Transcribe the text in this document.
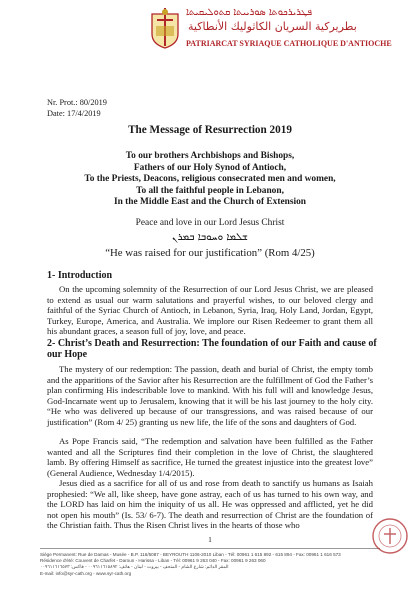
ܦܛܪܝܪܟܘܬܐ ܣܘܪܝܝܬܐ ܩܬܘܠܝܩܝܬܐ
بطريركية السريان الكاثوليك الأنطاكية
PATRIARCAT SYRIAQUE CATHOLIQUE D'ANTIOCHE
Nr. Prot.: 80/2019
Date: 17/4/2019
The Message of Resurrection 2019
To our brothers Archbishops and Bishops,
Fathers of our Holy Synod of Antioch,
To the Priests, Deacons, religious consecrated men and women,
To all the faithful people in Lebanon,
In the Middle East and the Church of Extension
Peace and love in our Lord Jesus Christ
ܫܠܡܐ ܘܚܘܒܐ ܒܡܪܢ
“He was raised for our justification” (Rom 4/25)
1- Introduction
On the upcoming solemnity of the Resurrection of our Lord Jesus Christ, we are pleased to extend as usual our warm salutations and prayerful wishes, to our beloved clergy and faithful of the Syriac Church of Antioch, in Lebanon, Syria, Iraq, Holy Land, Jordan, Egypt, Turkey, Europe, America, and Australia. We implore our Risen Redeemer to grant them all his abundant graces, a season full of joy, love, and peace.
2- Christ’s Death and Resurrection: The foundation of our Faith and cause of our Hope
The mystery of our redemption: The passion, death and burial of Christ, the empty tomb and the apparitions of the Savior after his Resurrection are the fulfillment of God the Father’s plan confirming His indescribable love to mankind. With his full will and knowledge Jesus, God-Incarnate went up to Jerusalem, knowing that it will be his last journey to the holy city. “He who was delivered up because of our transgressions, and was raised because of our justification” (Rom 4/ 25) granting us new life, the life of the sons and daughters of God.
As Pope Francis said, “The redemption and salvation have been fulfilled as the Father wanted and all the Scriptures find their completion in the love of Christ, the slaughtered lamb. By offering Himself as sacrifice, He turned the greatest injustice into the greatest love” (General Audience, Wednesday 1/4/2015).
Jesus died as a sacrifice for all of us and rose from death to sanctify us humans as Isaiah prophesied: “We all, like sheep, have gone astray, each of us has turned to his own way, and the LORD has laid on him the iniquity of us all. He was oppressed and afflicted, yet he did not open his mouth” (Is. 53/ 6-7). The death and resurrection of Christ are the foundation of the Christian faith. Thus the Risen Christ lives in the hearts of those who
1
Siège Permanent: Rue de Damas - Musée - B.P. 116/5087 - BEYROUTH 1106-2010 Liban - Tél: 00961 1 615 892 - 615 894 - Fax: 00961 1 616 573
Résidence d'été: Couvent de Charfet - Daroun - Harissa - Liban - Tél: 00961 9 263 040 - Fax: 00961 9 263 060
المقر الدائم: شارع الشام - المتحف - بيروت - لبنان - هاتف: ٠٠٩٦١١٦١٥٨٩٢ - فاكس: ٠٠٩٦١١٦١٦٥٧٣
E-mail: info@syr-cath.org - www.syr-cath.org
